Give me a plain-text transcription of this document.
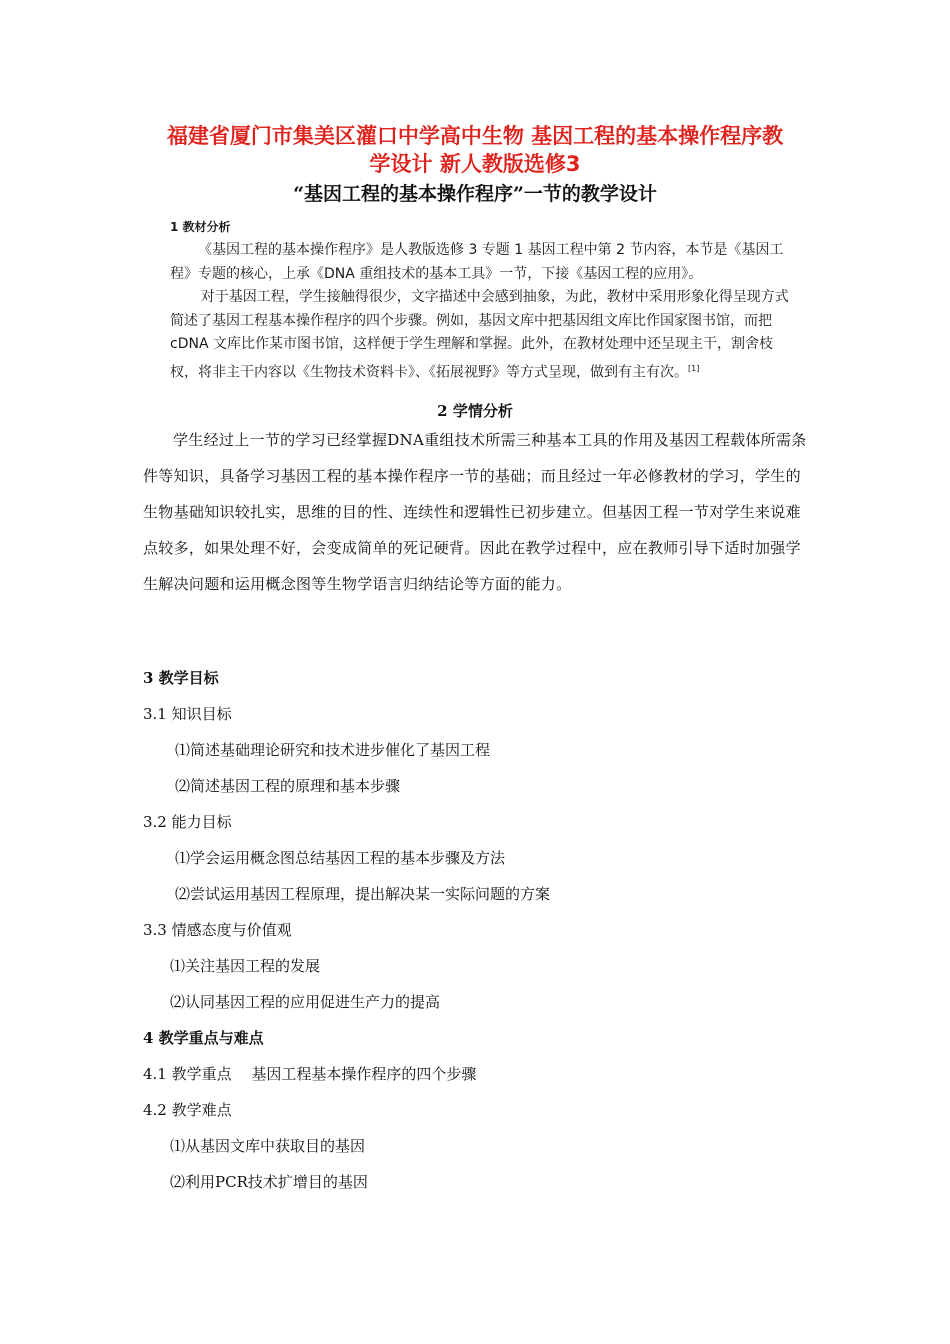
福建省厦门市集美区灌口中学高中生物 基因工程的基本操作程序教
学设计 新人教版选修3
“基因工程的基本操作程序”一节的教学设计
1 教材分析

《基因工程的基本操作程序》是人教版选修 3 专题 1 基因工程中第 2 节内容，本节是《基因工程》专题的核心，上承《DNA 重组技术的基本工具》一节，下接《基因工程的应用》。

对于基因工程，学生接触得很少，文字描述中会感到抽象，为此，教材中采用形象化得呈现方式简述了基因工程基本操作程序的四个步骤。例如，基因文库中把基因组文库比作国家图书馆，而把 cDNA 文库比作某市图书馆，这样便于学生理解和掌握。此外，在教材处理中还呈现主干，割舍枝杈，将非主干内容以《生物技术资料卡》、《拓展视野》等方式呈现，做到有主有次。[1]

2 学情分析

学生经过上一节的学习已经掌握DNA重组技术所需三种基本工具的作用及基因工程载体所需条件等知识，具备学习基因工程的基本操作程序一节的基础；而且经过一年必修教材的学习，学生的生物基础知识较扎实，思维的目的性、连续性和逻辑性已初步建立。但基因工程一节对学生来说难点较多，如果处理不好，会变成简单的死记硬背。因此在教学过程中，应在教师引导下适时加强学生解决问题和运用概念图等生物学语言归纳结论等方面的能力。

3 教学目标
3.1 知识目标
⑴简述基础理论研究和技术进步催化了基因工程
⑵简述基因工程的原理和基本步骤
3.2 能力目标
⑴学会运用概念图总结基因工程的基本步骤及方法
⑵尝试运用基因工程原理，提出解决某一实际问题的方案
3.3 情感态度与价值观
⑴关注基因工程的发展
⑵认同基因工程的应用促进生产力的提高
4 教学重点与难点
4.1 教学重点　 基因工程基本操作程序的四个步骤
4.2 教学难点
⑴从基因文库中获取目的基因
⑵利用PCR技术扩增目的基因
